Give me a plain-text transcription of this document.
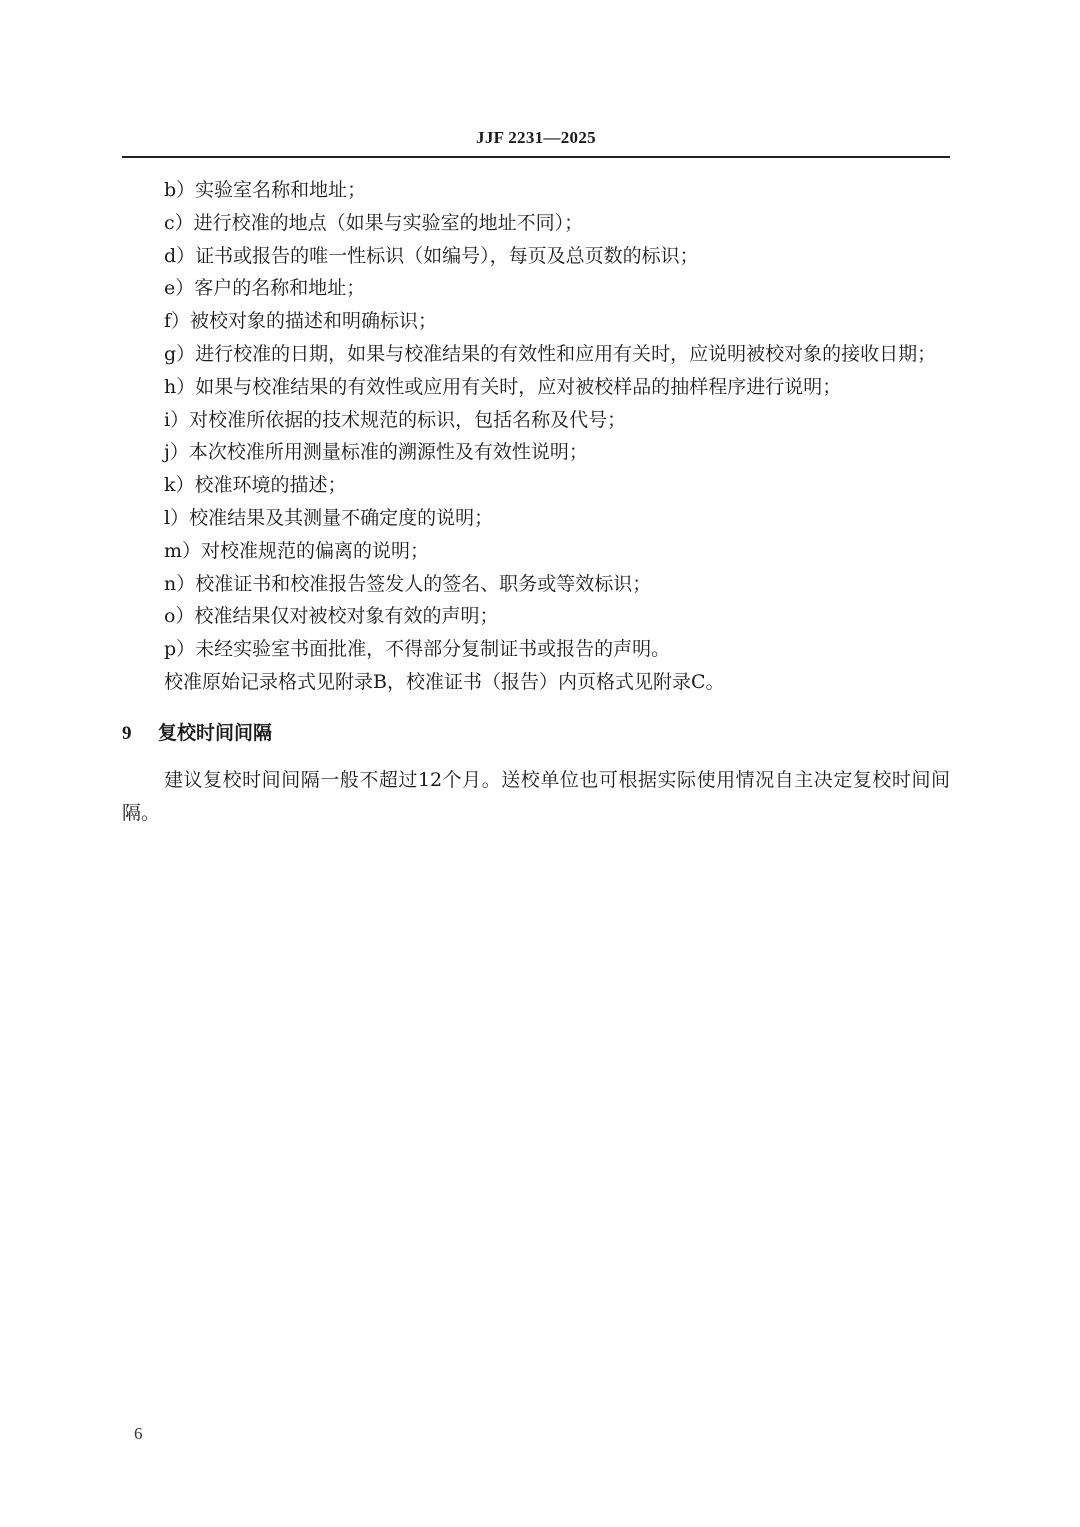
JJF 2231—2025

b）实验室名称和地址；

c）进行校准的地点（如果与实验室的地址不同）；

d）证书或报告的唯一性标识（如编号），每页及总页数的标识；

e）客户的名称和地址；

f）被校对象的描述和明确标识；

g）进行校准的日期，如果与校准结果的有效性和应用有关时，应说明被校对象的接收日期；

h）如果与校准结果的有效性或应用有关时，应对被校样品的抽样程序进行说明；

i）对校准所依据的技术规范的标识，包括名称及代号；

j）本次校准所用测量标准的溯源性及有效性说明；

k）校准环境的描述；

l）校准结果及其测量不确定度的说明；

m）对校准规范的偏离的说明；

n）校准证书和校准报告签发人的签名、职务或等效标识；

o）校准结果仅对被校对象有效的声明；

p）未经实验室书面批准，不得部分复制证书或报告的声明。

校准原始记录格式见附录B，校准证书（报告）内页格式见附录C。

9 复校时间间隔

建议复校时间间隔一般不超过12个月。送校单位也可根据实际使用情况自主决定复校时间间隔。

6
